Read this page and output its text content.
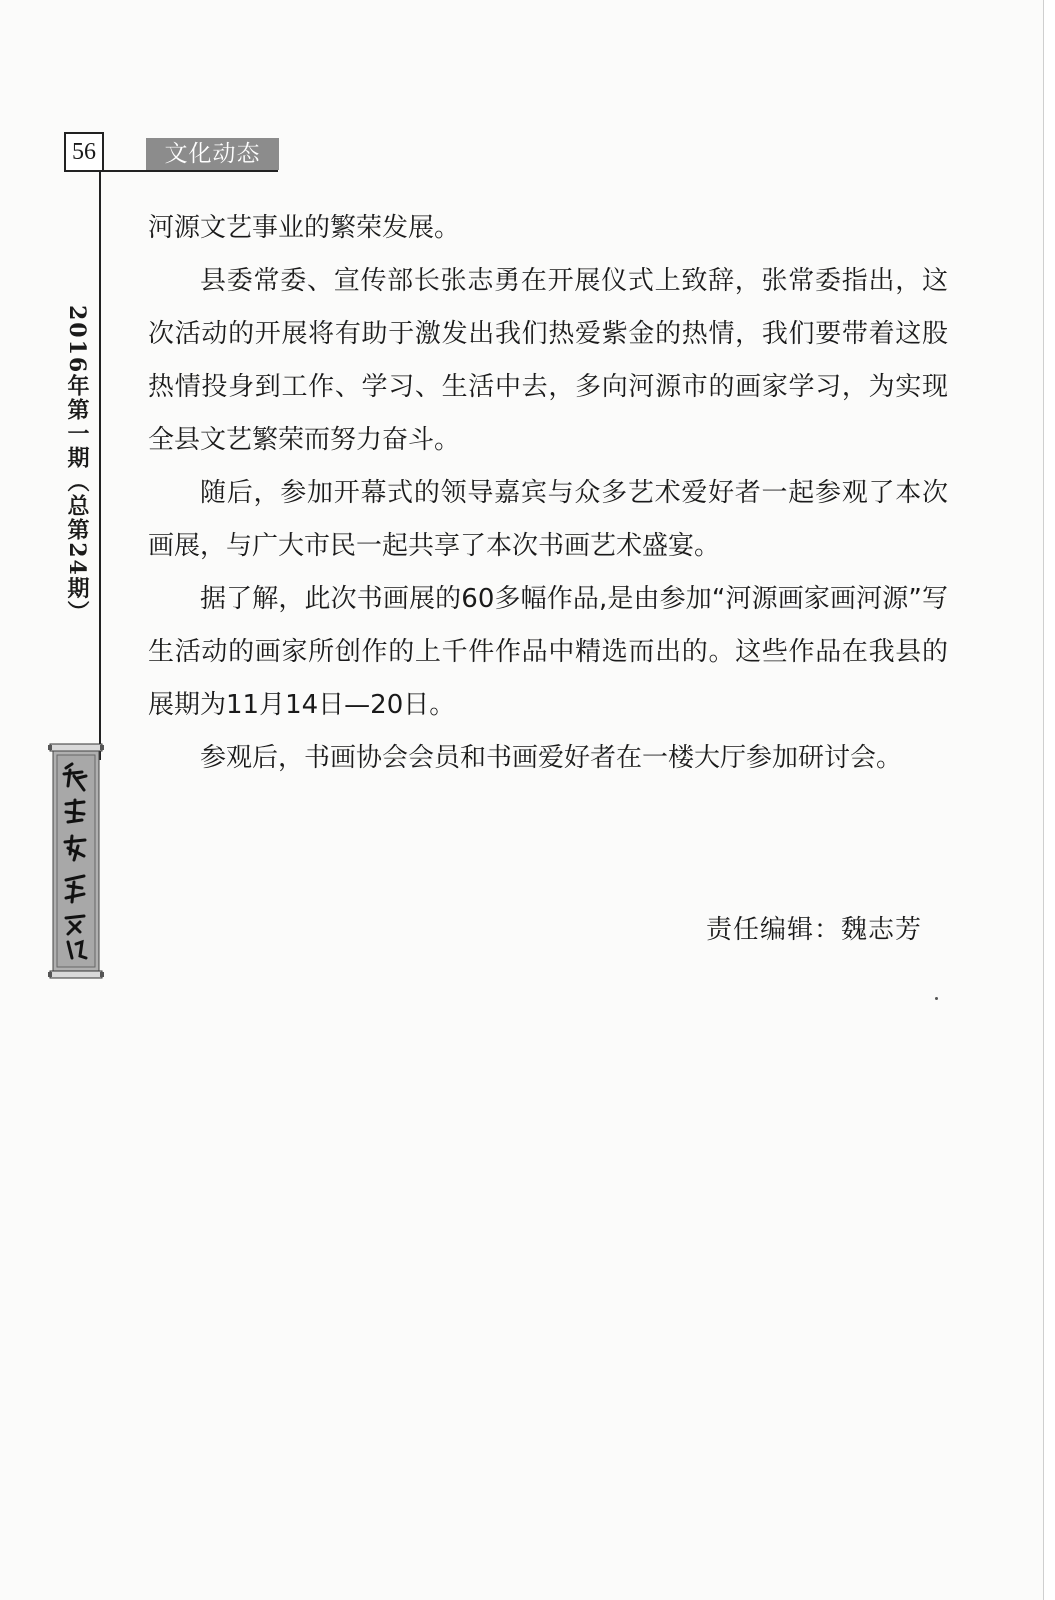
56	文化动态
2016年第一期（总第24期）

河源文艺事业的繁荣发展。

县委常委、宣传部长张志勇在开展仪式上致辞，张常委指出，这次活动的开展将有助于激发出我们热爱紫金的热情，我们要带着这股热情投身到工作、学习、生活中去，多向河源市的画家学习，为实现全县文艺繁荣而努力奋斗。

随后，参加开幕式的领导嘉宾与众多艺术爱好者一起参观了本次画展，与广大市民一起共享了本次书画艺术盛宴。

据了解，此次书画展的60多幅作品,是由参加“河源画家画河源”写生活动的画家所创作的上千件作品中精选而出的。这些作品在我县的展期为11月14日—20日。

参观后，书画协会会员和书画爱好者在一楼大厅参加研讨会。

责任编辑：魏志芳
